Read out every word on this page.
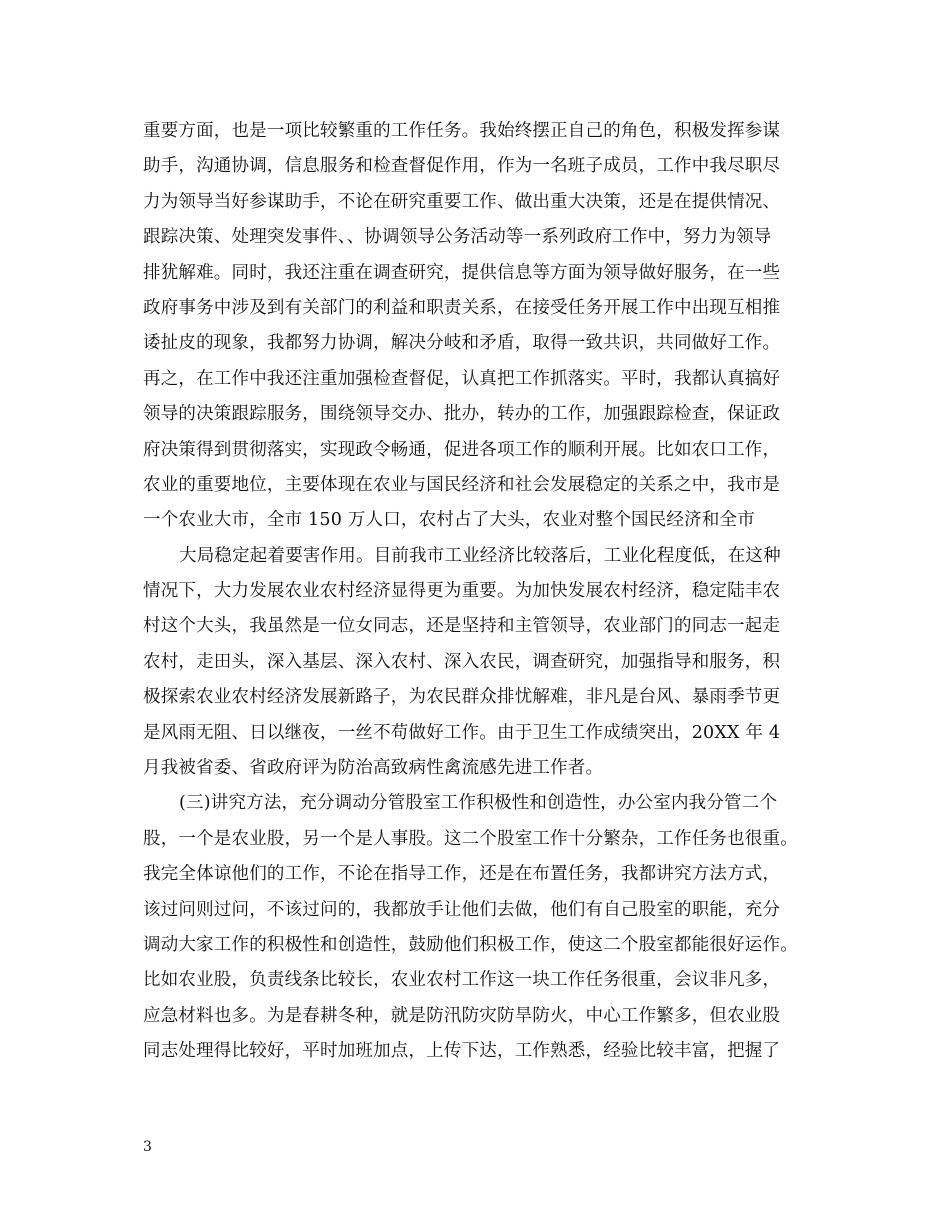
重要方面，也是一项比较繁重的工作任务。我始终摆正自己的角色，积极发挥参谋
助手，沟通协调，信息服务和检查督促作用，作为一名班子成员，工作中我尽职尽
力为领导当好参谋助手，不论在研究重要工作、做出重大决策，还是在提供情况、
跟踪决策、处理突发事件、、协调领导公务活动等一系列政府工作中，努力为领导
排犹解难。同时，我还注重在调查研究，提供信息等方面为领导做好服务，在一些
政府事务中涉及到有关部门的利益和职责关系，在接受任务开展工作中出现互相推
诿扯皮的现象，我都努力协调，解决分岐和矛盾，取得一致共识，共同做好工作。
再之，在工作中我还注重加强检查督促，认真把工作抓落实。平时，我都认真搞好
领导的决策跟踪服务，围绕领导交办、批办，转办的工作，加强跟踪检查，保证政
府决策得到贯彻落实，实现政令畅通，促进各项工作的顺利开展。比如农口工作，
农业的重要地位，主要体现在农业与国民经济和社会发展稳定的关系之中，我市是
一个农业大市，全市 150 万人口，农村占了大头，农业对整个国民经济和全市
大局稳定起着要害作用。目前我市工业经济比较落后，工业化程度低，在这种
情况下，大力发展农业农村经济显得更为重要。为加快发展农村经济，稳定陆丰农
村这个大头，我虽然是一位女同志，还是坚持和主管领导，农业部门的同志一起走
农村，走田头，深入基层、深入农村、深入农民，调查研究，加强指导和服务，积
极探索农业农村经济发展新路子，为农民群众排忧解难，非凡是台风、暴雨季节更
是风雨无阻、日以继夜，一丝不苟做好工作。由于卫生工作成绩突出，20XX 年 4
月我被省委、省政府评为防治高致病性禽流感先进工作者。
(三)讲究方法，充分调动分管股室工作积极性和创造性，办公室内我分管二个
股，一个是农业股，另一个是人事股。这二个股室工作十分繁杂，工作任务也很重。
我完全体谅他们的工作，不论在指导工作，还是在布置任务，我都讲究方法方式，
该过问则过问，不该过问的，我都放手让他们去做，他们有自己股室的职能，充分
调动大家工作的积极性和创造性，鼓励他们积极工作，使这二个股室都能很好运作。
比如农业股，负责线条比较长，农业农村工作这一块工作任务很重，会议非凡多，
应急材料也多。为是春耕冬种，就是防汛防灾防旱防火，中心工作繁多，但农业股
同志处理得比较好，平时加班加点，上传下达，工作熟悉，经验比较丰富，把握了
3
